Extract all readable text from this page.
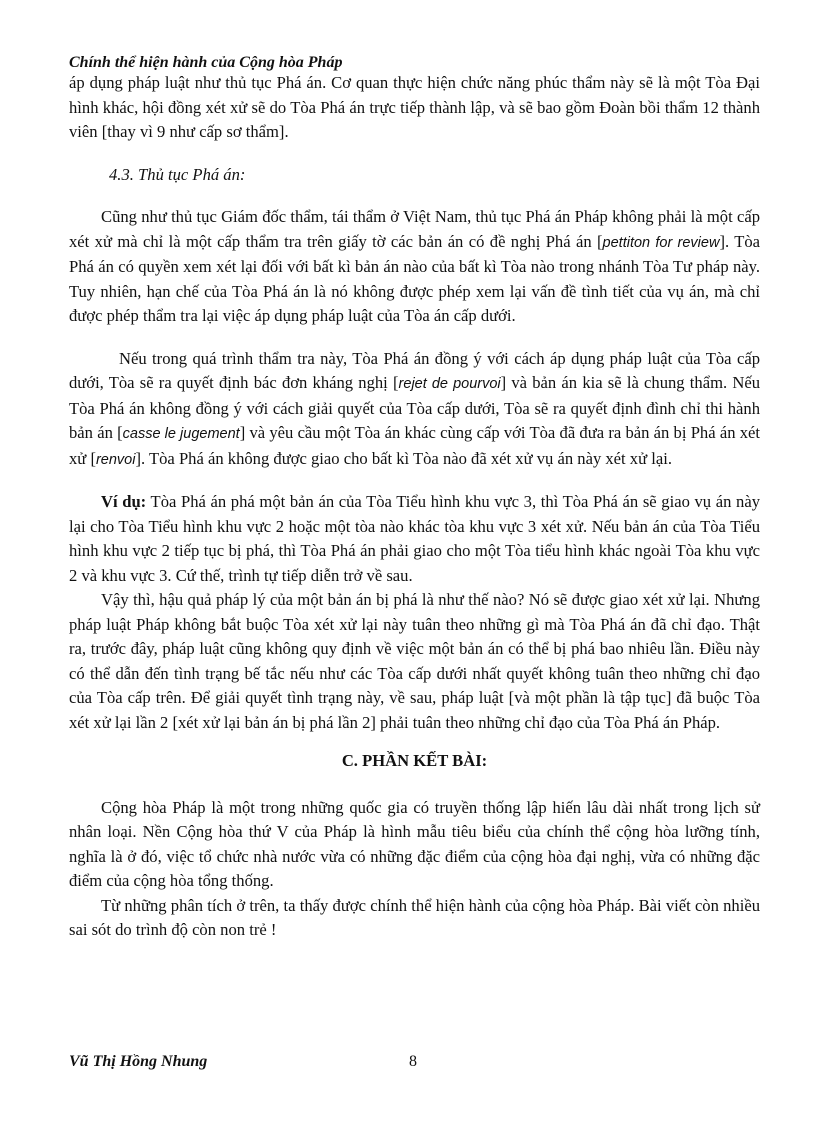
Chính thể hiện hành của Cộng hòa Pháp

áp dụng pháp luật như thủ tục Phá án. Cơ quan thực hiện chức năng phúc thẩm này sẽ là một Tòa Đại hình khác, hội đồng xét xử sẽ do Tòa Phá án trực tiếp thành lập, và sẽ bao gồm Đoàn bồi thẩm 12 thành viên [thay vì 9 như cấp sơ thẩm].

4.3. Thủ tục Phá án:

Cũng như thủ tục Giám đốc thẩm, tái thẩm ở Việt Nam, thủ tục Phá án Pháp không phải là một cấp xét xử mà chỉ là một cấp thẩm tra trên giấy tờ các bản án có đề nghị Phá án [pettiton for review]. Tòa Phá án có quyền xem xét lại đối với bất kì bản án nào của bất kì Tòa nào trong nhánh Tòa Tư pháp này. Tuy nhiên, hạn chế của Tòa Phá án là nó không được phép xem lại vấn đề tình tiết của vụ án, mà chỉ được phép thẩm tra lại việc áp dụng pháp luật của Tòa án cấp dưới.

Nếu trong quá trình thẩm tra này, Tòa Phá án đồng ý với cách áp dụng pháp luật của Tòa cấp dưới, Tòa sẽ ra quyết định bác đơn kháng nghị [rejet de pourvoi] và bản án kia sẽ là chung thẩm. Nếu Tòa Phá án không đồng ý với cách giải quyết của Tòa cấp dưới, Tòa sẽ ra quyết định đình chỉ thi hành bản án [casse le jugement] và yêu cầu một Tòa án khác cùng cấp với Tòa đã đưa ra bản án bị Phá án xét xử [renvoi]. Tòa Phá án không được giao cho bất kì Tòa nào đã xét xử vụ án này xét xử lại.

Ví dụ: Tòa Phá án phá một bản án của Tòa Tiểu hình khu vực 3, thì Tòa Phá án sẽ giao vụ án này lại cho Tòa Tiểu hình khu vực 2 hoặc một tòa nào khác tòa khu vực 3 xét xử. Nếu bản án của Tòa Tiểu hình khu vực 2 tiếp tục bị phá, thì Tòa Phá án phải giao cho một Tòa tiểu hình khác ngoài Tòa khu vực 2 và khu vực 3. Cứ thế, trình tự tiếp diễn trở về sau.

Vậy thì, hậu quả pháp lý của một bản án bị phá là như thế nào? Nó sẽ được giao xét xử lại. Nhưng pháp luật Pháp không bắt buộc Tòa xét xử lại này tuân theo những gì mà Tòa Phá án đã chỉ đạo. Thật ra, trước đây, pháp luật cũng không quy định về việc một bản án có thể bị phá bao nhiêu lần. Điều này có thể dẫn đến tình trạng bế tắc nếu như các Tòa cấp dưới nhất quyết không tuân theo những chỉ đạo của Tòa cấp trên. Để giải quyết tình trạng này, về sau, pháp luật [và một phần là tập tục] đã buộc Tòa xét xử lại lần 2 [xét xử lại bản án bị phá lần 2] phải tuân theo những chỉ đạo của Tòa Phá án Pháp.

C. PHẦN KẾT BÀI:

Cộng hòa Pháp là một trong những quốc gia có truyền thống lập hiến lâu dài nhất trong lịch sử nhân loại. Nền Cộng hòa thứ V của Pháp là hình mẫu tiêu biểu của chính thể cộng hòa lưỡng tính, nghĩa là ở đó, việc tổ chức nhà nước vừa có những đặc điểm của cộng hòa đại nghị, vừa có những đặc điểm của cộng hòa tổng thống.

Từ những phân tích ở trên, ta thấy được chính thể hiện hành của cộng hòa Pháp. Bài viết còn nhiều sai sót do trình độ còn non trẻ !

Vũ Thị Hồng Nhung	8
